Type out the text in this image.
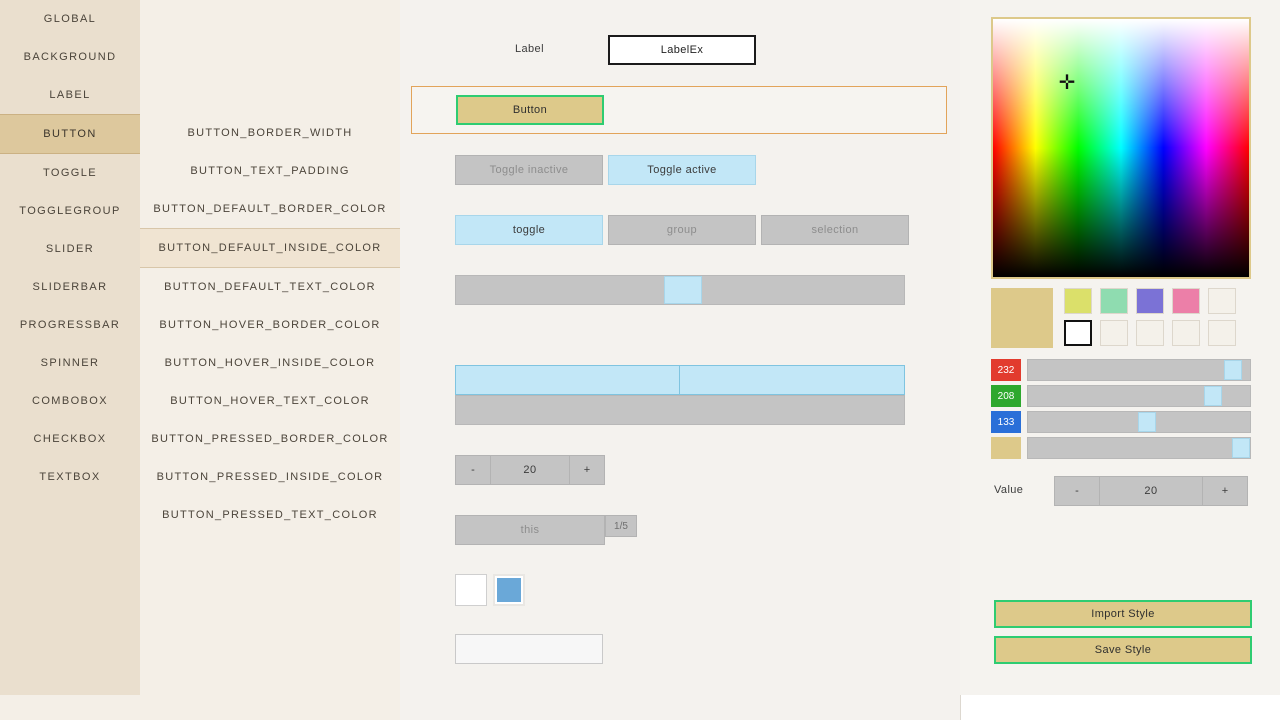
GLOBAL
BACKGROUND
LABEL
BUTTON
TOGGLE
TOGGLEGROUP
SLIDER
SLIDERBAR
PROGRESSBAR
SPINNER
COMBOBOX
CHECKBOX
TEXTBOX
BUTTON_BORDER_WIDTH
BUTTON_TEXT_PADDING
BUTTON_DEFAULT_BORDER_COLOR
BUTTON_DEFAULT_INSIDE_COLOR
BUTTON_DEFAULT_TEXT_COLOR
BUTTON_HOVER_BORDER_COLOR
BUTTON_HOVER_INSIDE_COLOR
BUTTON_HOVER_TEXT_COLOR
BUTTON_PRESSED_BORDER_COLOR
BUTTON_PRESSED_INSIDE_COLOR
BUTTON_PRESSED_TEXT_COLOR
Label	LabelEx
Button
Toggle inactive	Toggle active
toggle	group	selection
-	20	+
this	1/5
✛
232
208
133
Value	-	20	+
Import Style
Save Style
